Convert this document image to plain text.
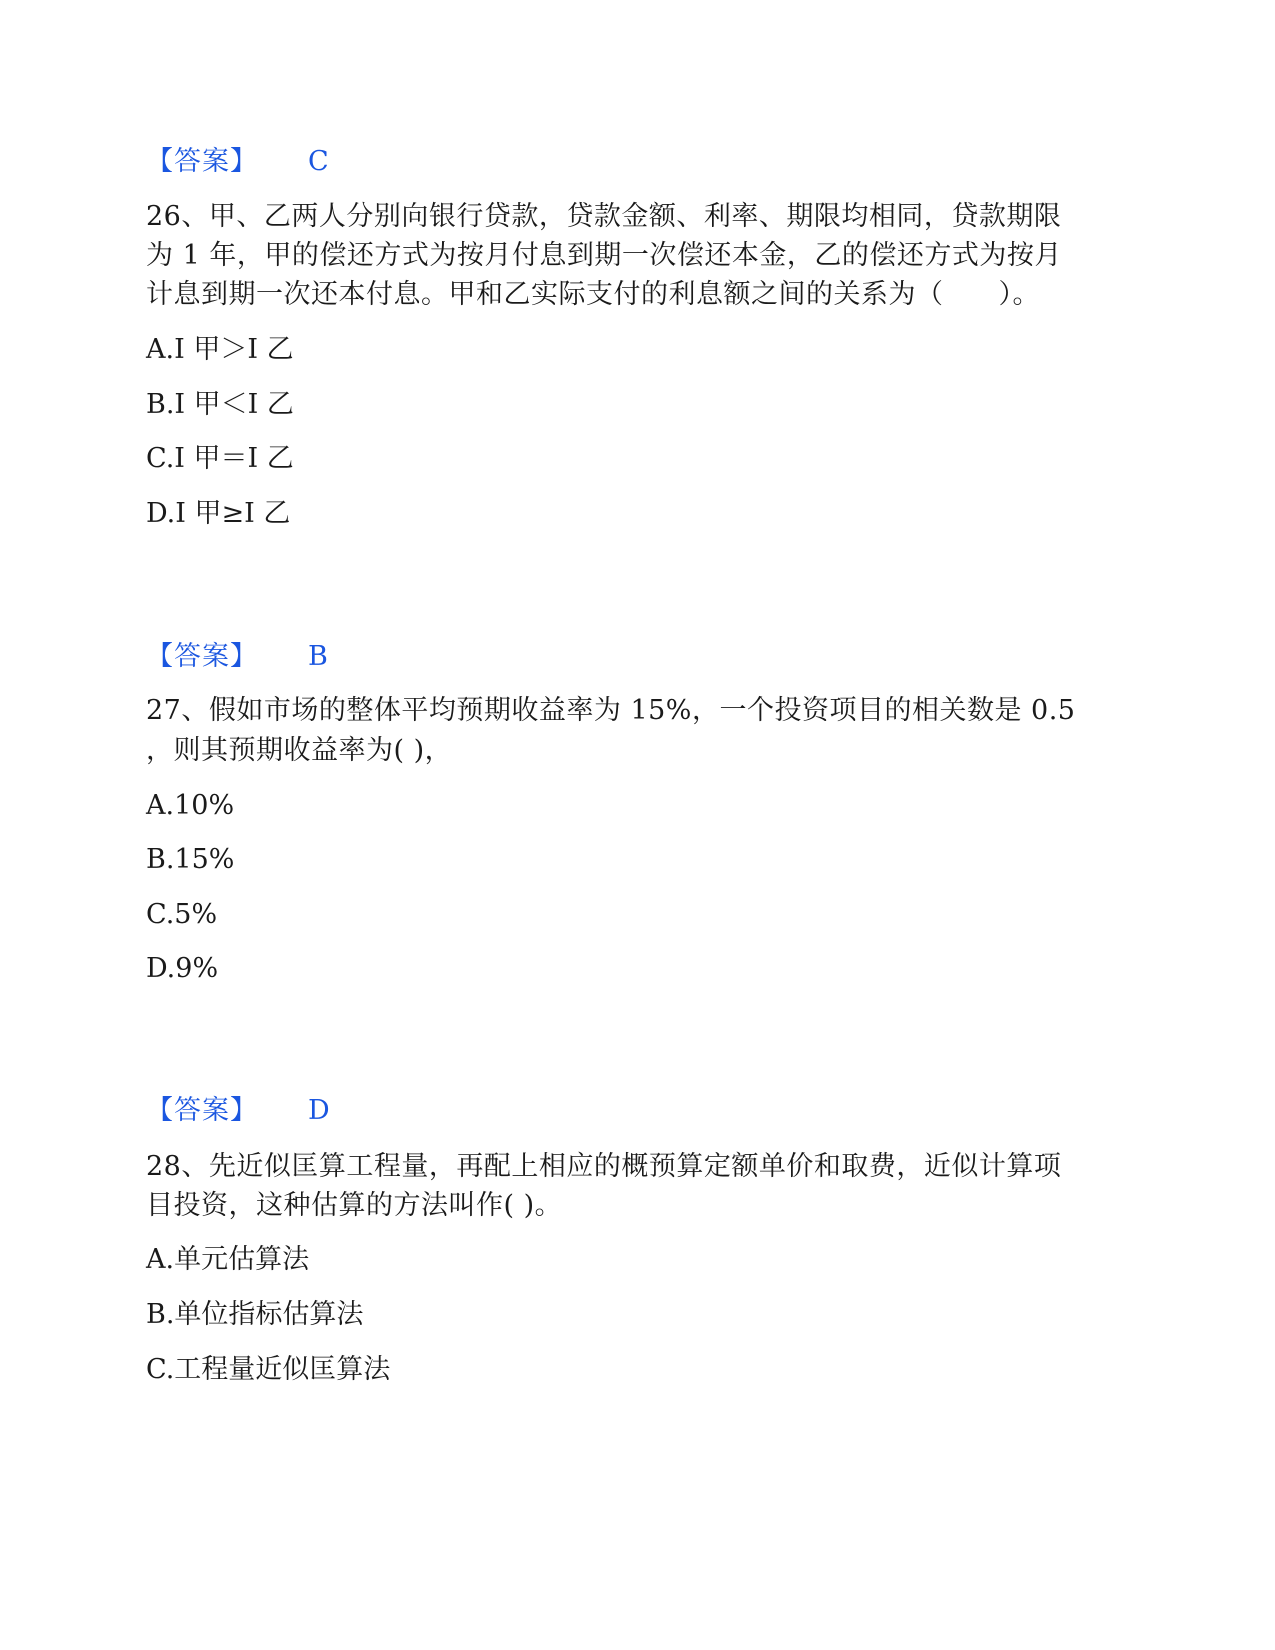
【答案】 C
26、甲、乙两人分别向银行贷款，贷款金额、利率、期限均相同，贷款期限
为 1 年，甲的偿还方式为按月付息到期一次偿还本金，乙的偿还方式为按月
计息到期一次还本付息。甲和乙实际支付的利息额之间的关系为（　　）。
A.I 甲＞I 乙
B.I 甲＜I 乙
C.I 甲＝I 乙
D.I 甲≥I 乙
【答案】 B
27、假如市场的整体平均预期收益率为 15%，一个投资项目的相关数是 0.5
，则其预期收益率为( )，
A.10%
B.15%
C.5%
D.9%
【答案】 D
28、先近似匡算工程量，再配上相应的概预算定额单价和取费，近似计算项
目投资，这种估算的方法叫作( )。
A.单元估算法
B.单位指标估算法
C.工程量近似匡算法
